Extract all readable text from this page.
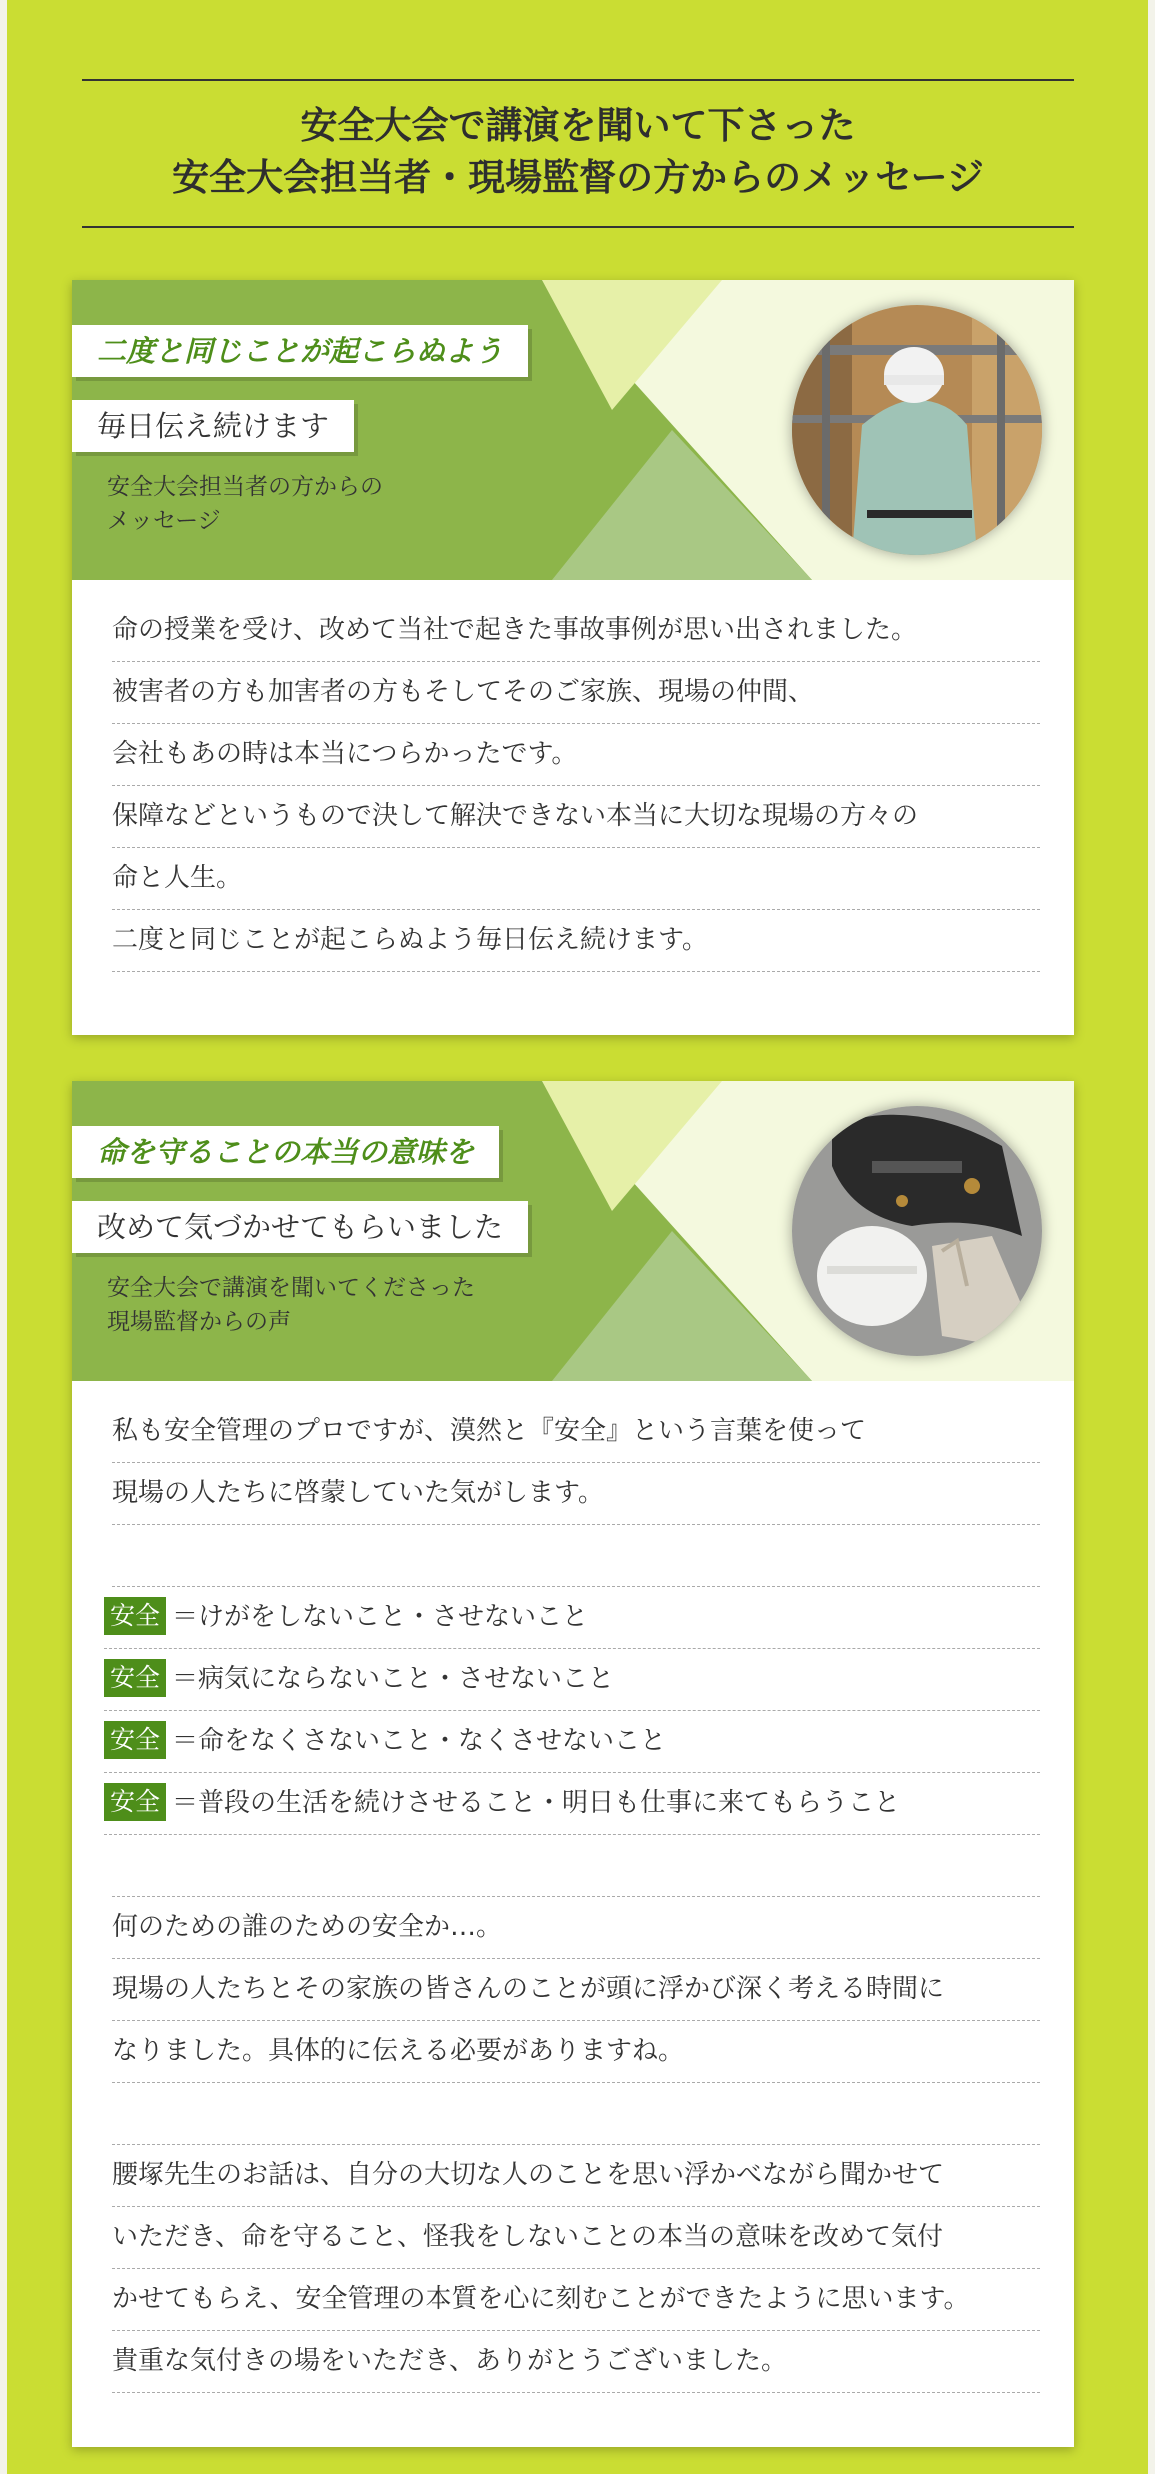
安全大会で講演を聞いて下さった
安全大会担当者・現場監督の方からのメッセージ
二度と同じことが起こらぬよう
毎日伝え続けます
安全大会担当者の方からの
メッセージ
命の授業を受け、改めて当社で起きた事故事例が思い出されました。
被害者の方も加害者の方もそしてそのご家族、現場の仲間、
会社もあの時は本当につらかったです。
保障などというもので決して解決できない本当に大切な現場の方々の
命と人生。
二度と同じことが起こらぬよう毎日伝え続けます。
命を守ることの本当の意味を
改めて気づかせてもらいました
安全大会で講演を聞いてくださった
現場監督からの声
私も安全管理のプロですが、漠然と『安全』という言葉を使って
現場の人たちに啓蒙していた気がします。
安全 ＝けがをしないこと・させないこと
安全 ＝病気にならないこと・させないこと
安全 ＝命をなくさないこと・なくさせないこと
安全 ＝普段の生活を続けさせること・明日も仕事に来てもらうこと
何のための誰のための安全か…。
現場の人たちとその家族の皆さんのことが頭に浮かび深く考える時間に
なりました。具体的に伝える必要がありますね。
腰塚先生のお話は、自分の大切な人のことを思い浮かべながら聞かせて
いただき、命を守ること、怪我をしないことの本当の意味を改めて気付
かせてもらえ、安全管理の本質を心に刻むことができたように思います。
貴重な気付きの場をいただき、ありがとうございました。
